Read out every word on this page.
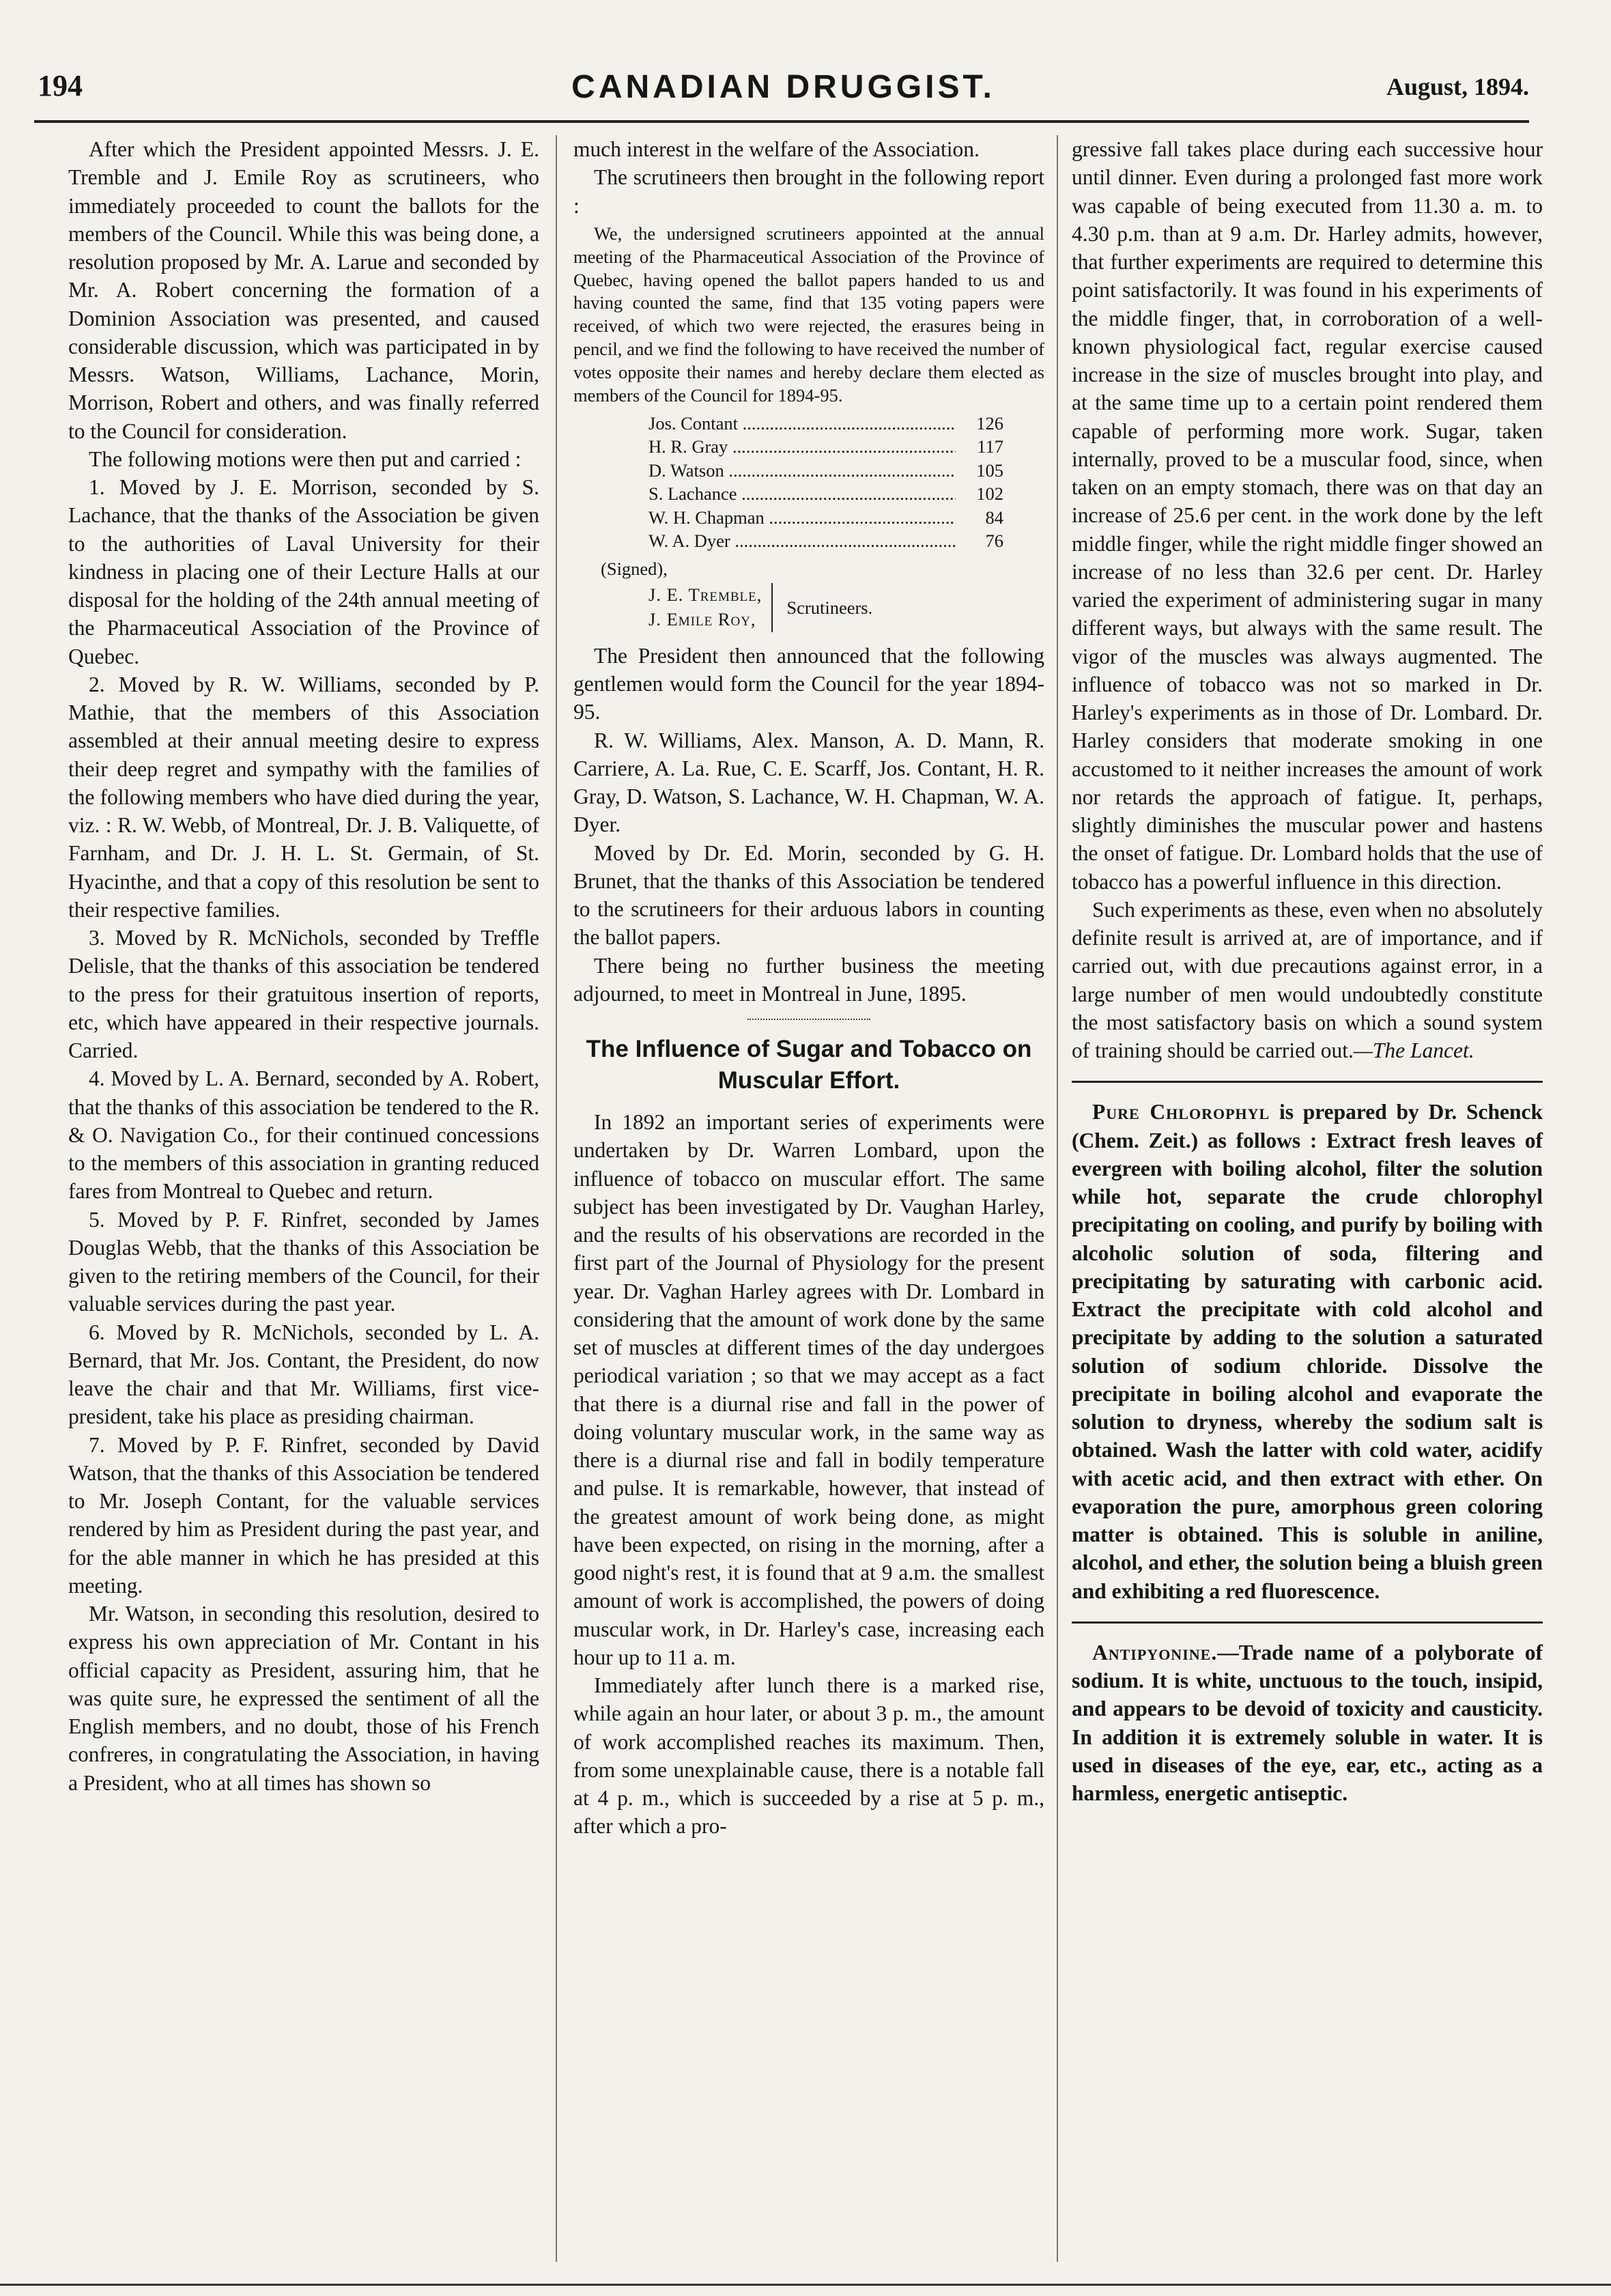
194	CANADIAN DRUGGIST.	August, 1894.

After which the President appointed Messrs. J. E. Tremble and J. Emile Roy as scrutineers, who immediately proceeded to count the ballots for the members of the Council. While this was being done, a resolution proposed by Mr. A. Larue and seconded by Mr. A. Robert concerning the formation of a Dominion Association was presented, and caused considerable discussion, which was participated in by Messrs. Watson, Williams, Lachance, Morin, Morrison, Robert and others, and was finally referred to the Council for consideration.

The following motions were then put and carried :

1. Moved by J. E. Morrison, seconded by S. Lachance, that the thanks of the Association be given to the authorities of Laval University for their kindness in placing one of their Lecture Halls at our disposal for the holding of the 24th annual meeting of the Pharmaceutical Association of the Province of Quebec.

2. Moved by R. W. Williams, seconded by P. Mathie, that the members of this Association assembled at their annual meeting desire to express their deep regret and sympathy with the families of the following members who have died during the year, viz. : R. W. Webb, of Montreal, Dr. J. B. Valiquette, of Farnham, and Dr. J. H. L. St. Germain, of St. Hyacinthe, and that a copy of this resolution be sent to their respective families.

3. Moved by R. McNichols, seconded by Treffle Delisle, that the thanks of this association be tendered to the press for their gratuitous insertion of reports, etc, which have appeared in their respective journals. Carried.

4. Moved by L. A. Bernard, seconded by A. Robert, that the thanks of this association be tendered to the R. & O. Navigation Co., for their continued concessions to the members of this association in granting reduced fares from Montreal to Quebec and return.

5. Moved by P. F. Rinfret, seconded by James Douglas Webb, that the thanks of this Association be given to the retiring members of the Council, for their valuable services during the past year.

6. Moved by R. McNichols, seconded by L. A. Bernard, that Mr. Jos. Contant, the President, do now leave the chair and that Mr. Williams, first vice-president, take his place as presiding chairman.

7. Moved by P. F. Rinfret, seconded by David Watson, that the thanks of this Association be tendered to Mr. Joseph Contant, for the valuable services rendered by him as President during the past year, and for the able manner in which he has presided at this meeting.

Mr. Watson, in seconding this resolution, desired to express his own appreciation of Mr. Contant in his official capacity as President, assuring him, that he was quite sure, he expressed the sentiment of all the English members, and no doubt, those of his French confreres, in congratulating the Association, in having a President, who at all times has shown so

much interest in the welfare of the Association.

The scrutineers then brought in the following report :

We, the undersigned scrutineers appointed at the annual meeting of the Pharmaceutical Association of the Province of Quebec, having opened the ballot papers handed to us and having counted the same, find that 135 voting papers were received, of which two were rejected, the erasures being in pencil, and we find the following to have received the number of votes opposite their names and hereby declare them elected as members of the Council for 1894-95.

Jos. Contant .....	126
H. R. Gray .....	117
D. Watson .....	105
S. Lachance .....	102
W. H. Chapman .....	84
W. A. Dyer .....	76
(Signed),
J. E. Tremble,
J. Emile Roy,
Scrutineers.

The President then announced that the following gentlemen would form the Council for the year 1894-95.

R. W. Williams, Alex. Manson, A. D. Mann, R. Carriere, A. La. Rue, C. E. Scarff, Jos. Contant, H. R. Gray, D. Watson, S. Lachance, W. H. Chapman, W. A. Dyer.

Moved by Dr. Ed. Morin, seconded by G. H. Brunet, that the thanks of this Association be tendered to the scrutineers for their arduous labors in counting the ballot papers.

There being no further business the meeting adjourned, to meet in Montreal in June, 1895.

The Influence of Sugar and Tobacco on Muscular Effort.

In 1892 an important series of experiments were undertaken by Dr. Warren Lombard, upon the influence of tobacco on muscular effort. The same subject has been investigated by Dr. Vaughan Harley, and the results of his observations are recorded in the first part of the Journal of Physiology for the present year. Dr. Vaghan Harley agrees with Dr. Lombard in considering that the amount of work done by the same set of muscles at different times of the day undergoes periodical variation ; so that we may accept as a fact that there is a diurnal rise and fall in the power of doing voluntary muscular work, in the same way as there is a diurnal rise and fall in bodily temperature and pulse. It is remarkable, however, that instead of the greatest amount of work being done, as might have been expected, on rising in the morning, after a good night's rest, it is found that at 9 a.m. the smallest amount of work is accomplished, the powers of doing muscular work, in Dr. Harley's case, increasing each hour up to 11 a. m.

Immediately after lunch there is a marked rise, while again an hour later, or about 3 p. m., the amount of work accomplished reaches its maximum. Then, from some unexplainable cause, there is a notable fall at 4 p. m., which is succeeded by a rise at 5 p. m., after which a pro-

gressive fall takes place during each successive hour until dinner. Even during a prolonged fast more work was capable of being executed from 11.30 a. m. to 4.30 p.m. than at 9 a.m. Dr. Harley admits, however, that further experiments are required to determine this point satisfactorily. It was found in his experiments of the middle finger, that, in corroboration of a well-known physiological fact, regular exercise caused increase in the size of muscles brought into play, and at the same time up to a certain point rendered them capable of performing more work. Sugar, taken internally, proved to be a muscular food, since, when taken on an empty stomach, there was on that day an increase of 25.6 per cent. in the work done by the left middle finger, while the right middle finger showed an increase of no less than 32.6 per cent. Dr. Harley varied the experiment of administering sugar in many different ways, but always with the same result. The vigor of the muscles was always augmented. The influence of tobacco was not so marked in Dr. Harley's experiments as in those of Dr. Lombard. Dr. Harley considers that moderate smoking in one accustomed to it neither increases the amount of work nor retards the approach of fatigue. It, perhaps, slightly diminishes the muscular power and hastens the onset of fatigue. Dr. Lombard holds that the use of tobacco has a powerful influence in this direction.

Such experiments as these, even when no absolutely definite result is arrived at, are of importance, and if carried out, with due precautions against error, in a large number of men would undoubtedly constitute the most satisfactory basis on which a sound system of training should be carried out.—The Lancet.

Pure Chlorophyl is prepared by Dr. Schenck (Chem. Zeit.) as follows : Extract fresh leaves of evergreen with boiling alcohol, filter the solution while hot, separate the crude chlorophyl precipitating on cooling, and purify by boiling with alcoholic solution of soda, filtering and precipitating by saturating with carbonic acid. Extract the precipitate with cold alcohol and precipitate by adding to the solution a saturated solution of sodium chloride. Dissolve the precipitate in boiling alcohol and evaporate the solution to dryness, whereby the sodium salt is obtained. Wash the latter with cold water, acidify with acetic acid, and then extract with ether. On evaporation the pure, amorphous green coloring matter is obtained. This is soluble in aniline, alcohol, and ether, the solution being a bluish green and exhibiting a red fluorescence.

Antipyonine.—Trade name of a polyborate of sodium. It is white, unctuous to the touch, insipid, and appears to be devoid of toxicity and causticity. In addition it is extremely soluble in water. It is used in diseases of the eye, ear, etc., acting as a harmless, energetic antiseptic.
